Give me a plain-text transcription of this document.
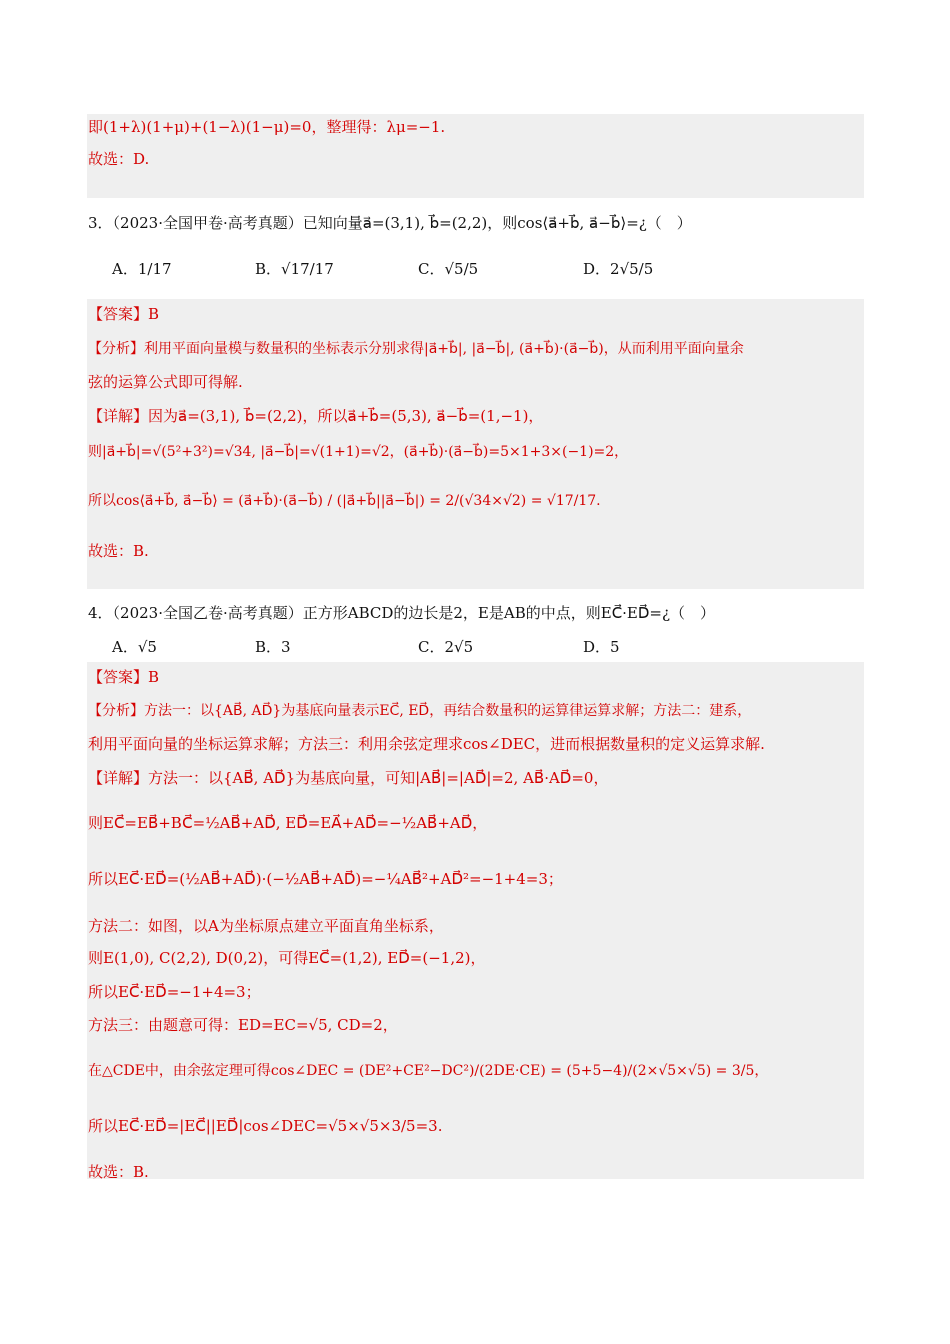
即(1+λ)(1+μ)+(1−λ)(1−μ)=0，整理得：λμ=−1.
故选：D.
3．（2023·全国甲卷·高考真题）已知向量a⃗=(3,1), b⃗=(2,2)，则cos⟨a⃗+b⃗, a⃗−b⃗⟩=¿（　）
A．1/17	B．√17/17	C．√5/5	D．2√5/5
【答案】B
【分析】利用平面向量模与数量积的坐标表示分别求得|a⃗+b⃗|, |a⃗−b⃗|, (a⃗+b⃗)·(a⃗−b⃗)，从而利用平面向量余
弦的运算公式即可得解.
【详解】因为a⃗=(3,1), b⃗=(2,2)，所以a⃗+b⃗=(5,3), a⃗−b⃗=(1,−1)，
则|a⃗+b⃗|=√(5²+3²)=√34, |a⃗−b⃗|=√(1+1)=√2，(a⃗+b⃗)·(a⃗−b⃗)=5×1+3×(−1)=2，
所以cos⟨a⃗+b⃗, a⃗−b⃗⟩ = (a⃗+b⃗)·(a⃗−b⃗) / (|a⃗+b⃗||a⃗−b⃗|) = 2/(√34×√2) = √17/17.
故选：B.
4．（2023·全国乙卷·高考真题）正方形ABCD的边长是2，E是AB的中点，则EC⃗·ED⃗=¿（　）
A．√5	B．3	C．2√5	D．5
【答案】B
【分析】方法一：以{AB⃗, AD⃗}为基底向量表示EC⃗, ED⃗，再结合数量积的运算律运算求解；方法二：建系，
利用平面向量的坐标运算求解；方法三：利用余弦定理求cos∠DEC，进而根据数量积的定义运算求解.
【详解】方法一：以{AB⃗, AD⃗}为基底向量，可知|AB⃗|=|AD⃗|=2, AB⃗·AD⃗=0，
则EC⃗=EB⃗+BC⃗=½AB⃗+AD⃗, ED⃗=EA⃗+AD⃗=−½AB⃗+AD⃗，
所以EC⃗·ED⃗=(½AB⃗+AD⃗)·(−½AB⃗+AD⃗)=−¼AB⃗²+AD⃗²=−1+4=3；
方法二：如图，以A为坐标原点建立平面直角坐标系，
则E(1,0), C(2,2), D(0,2)，可得EC⃗=(1,2), ED⃗=(−1,2)，
所以EC⃗·ED⃗=−1+4=3；
方法三：由题意可得：ED=EC=√5, CD=2，
在△CDE中，由余弦定理可得cos∠DEC = (DE²+CE²−DC²)/(2DE·CE) = (5+5−4)/(2×√5×√5) = 3/5，
所以EC⃗·ED⃗=|EC⃗||ED⃗|cos∠DEC=√5×√5×3/5=3.
故选：B.
